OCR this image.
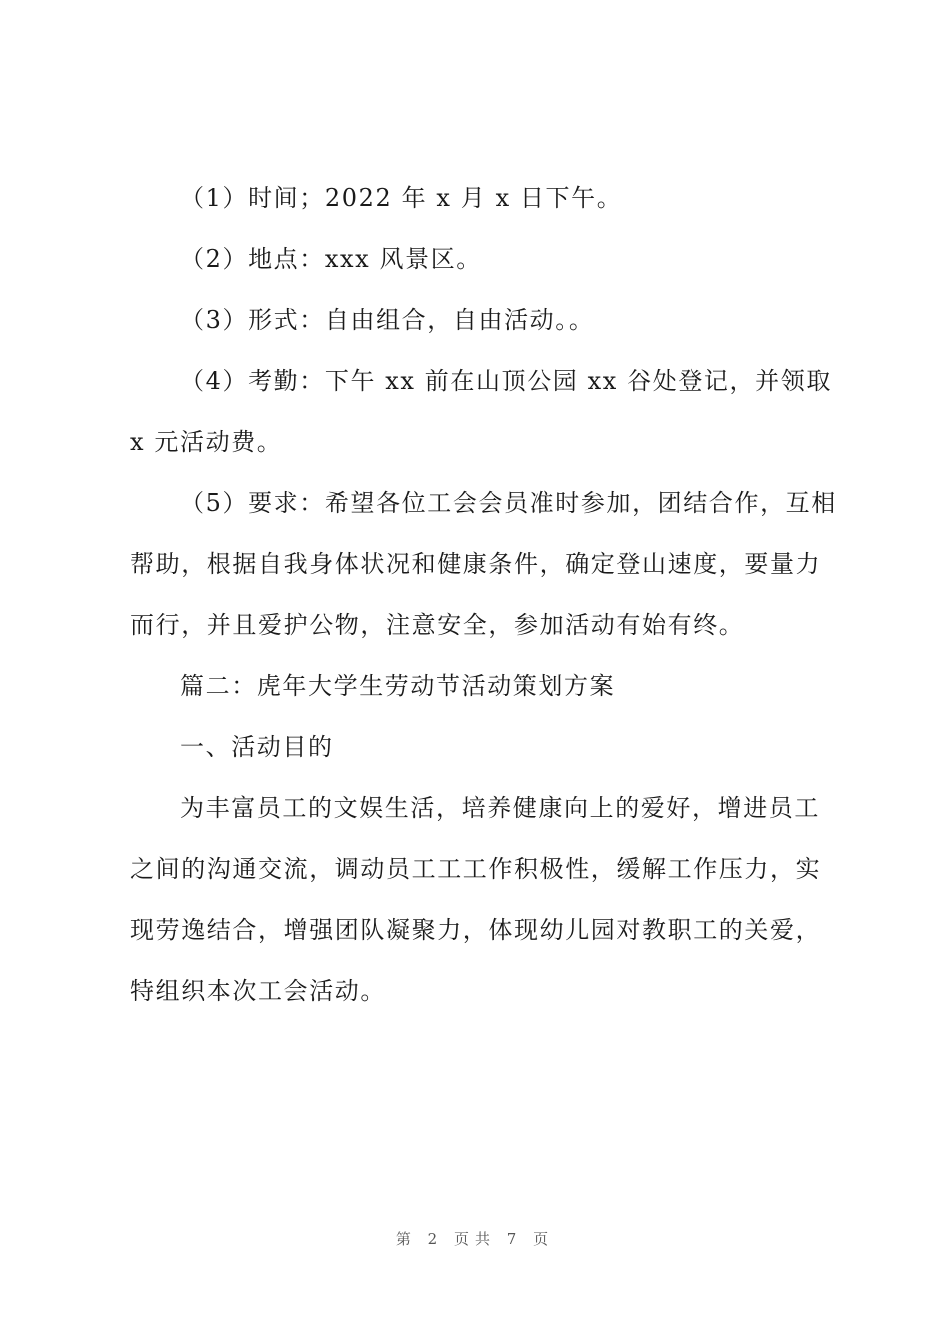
（1）时间；2022 年 x 月 x 日下午。

（2）地点：xxx 风景区。

（3）形式：自由组合，自由活动。。

（4）考勤：下午 xx 前在山顶公园 xx 谷处登记，并领取 x 元活动费。

（5）要求：希望各位工会会员准时参加，团结合作，互相帮助，根据自我身体状况和健康条件，确定登山速度，要量力而行，并且爱护公物，注意安全，参加活动有始有终。

篇二：虎年大学生劳动节活动策划方案

一、活动目的

为丰富员工的文娱生活，培养健康向上的爱好，增进员工之间的沟通交流，调动员工工工作积极性，缓解工作压力，实现劳逸结合，增强团队凝聚力，体现幼儿园对教职工的关爱，特组织本次工会活动。

第 2 页共 7 页
